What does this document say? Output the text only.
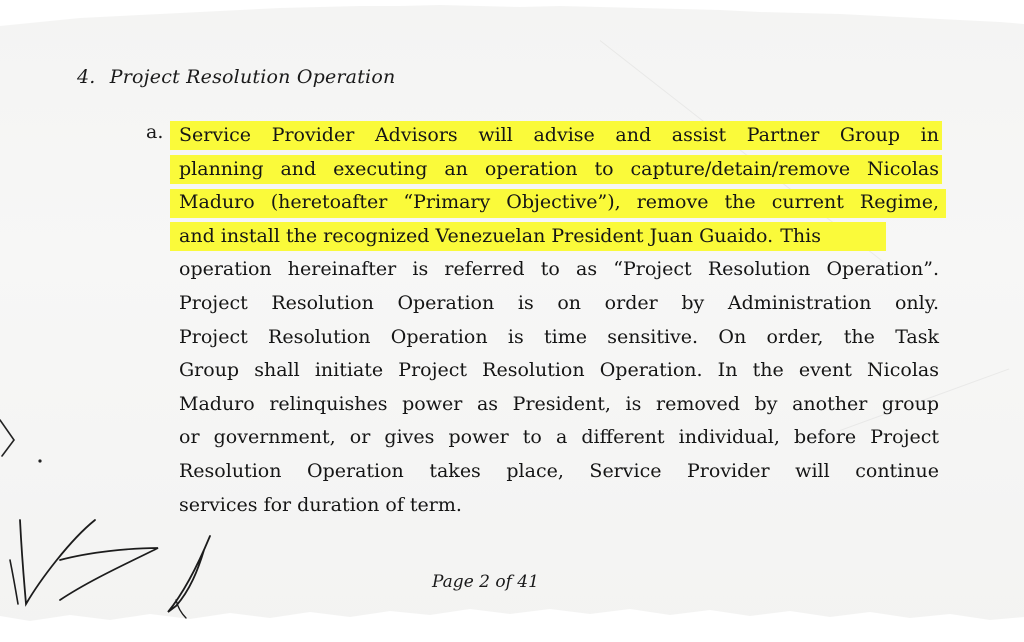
4. Project Resolution Operation
a. Service Provider Advisors will advise and assist Partner Group in
planning and executing an operation to capture/detain/remove Nicolas
Maduro (heretoafter “Primary Objective”), remove the current Regime,
and install the recognized Venezuelan President Juan Guaido. This
operation hereinafter is referred to as “Project Resolution Operation”.
Project Resolution Operation is on order by Administration only.
Project Resolution Operation is time sensitive. On order, the Task
Group shall initiate Project Resolution Operation. In the event Nicolas
Maduro relinquishes power as President, is removed by another group
or government, or gives power to a different individual, before Project
Resolution Operation takes place, Service Provider will continue
services for duration of term.
Page 2 of 41
